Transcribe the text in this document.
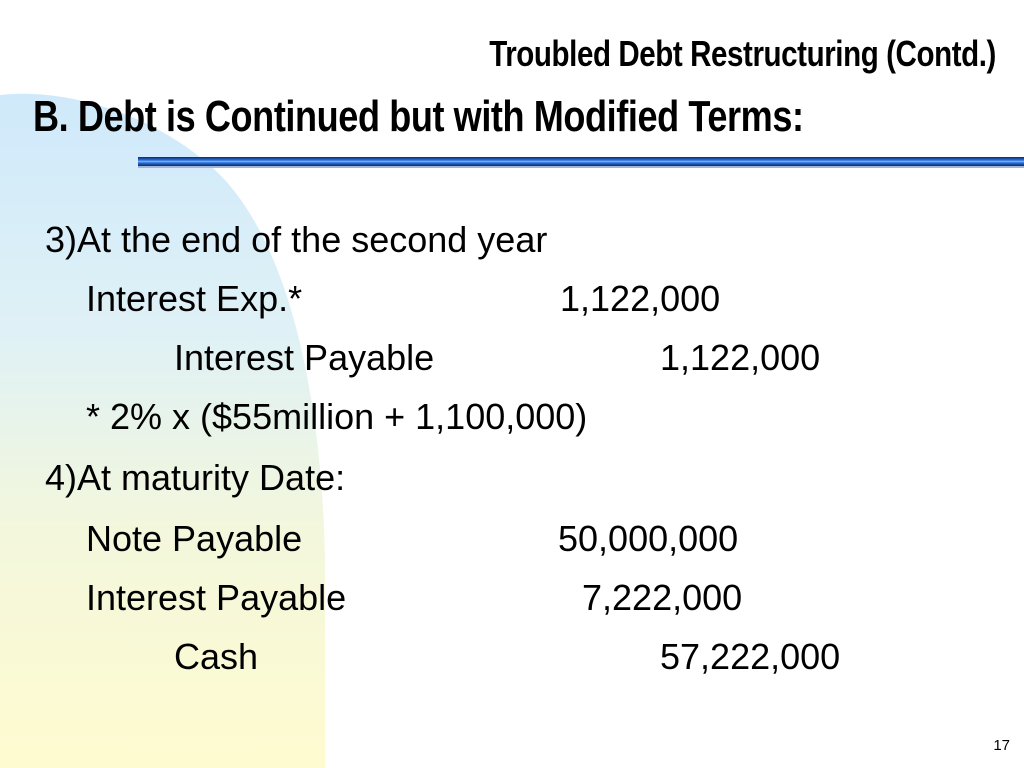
Troubled Debt Restructuring (Contd.)
B. Debt is Continued but with Modified Terms:
3)At the end of the second year
Interest Exp.*	1,122,000
Interest Payable	1,122,000
* 2% x ($55million + 1,100,000)
4)At maturity Date:
Note Payable	50,000,000
Interest Payable	7,222,000
Cash	57,222,000
17
